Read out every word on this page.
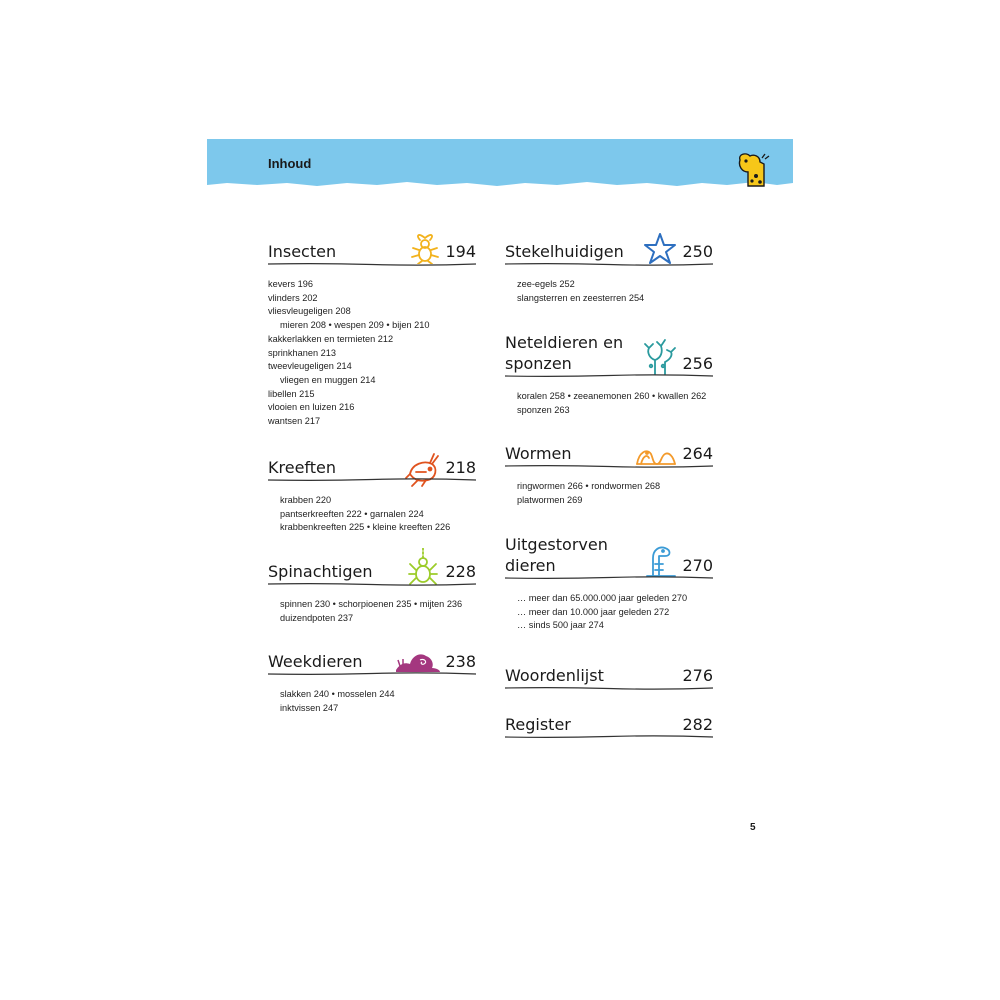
Inhoud
Insecten	194
kevers 196
vlinders 202
vliesvleugeligen 208
mieren 208 • wespen 209 • bijen 210
kakkerlakken en termieten 212
sprinkhanen 213
tweevleugeligen 214
vliegen en muggen 214
libellen 215
vlooien en luizen 216
wantsen 217
Kreeften	218
krabben 220
pantserkreeften 222 • garnalen 224
krabbenkreeften 225 • kleine kreeften 226
Spinachtigen	228
spinnen 230 • schorpioenen 235 • mijten 236
duizendpoten 237
Weekdieren	238
slakken 240 • mosselen 244
inktvissen 247
Stekelhuidigen	250
zee-egels 252
slangsterren en zeesterren 254
Neteldieren en
sponzen	256
koralen 258 • zeeanemonen 260 • kwallen 262
sponzen 263
Wormen	264
ringwormen 266 • rondwormen 268
platwormen 269
Uitgestorven
dieren	270
… meer dan 65.000.000 jaar geleden 270
… meer dan 10.000 jaar geleden 272
… sinds 500 jaar 274
Woordenlijst	276
Register	282
5
